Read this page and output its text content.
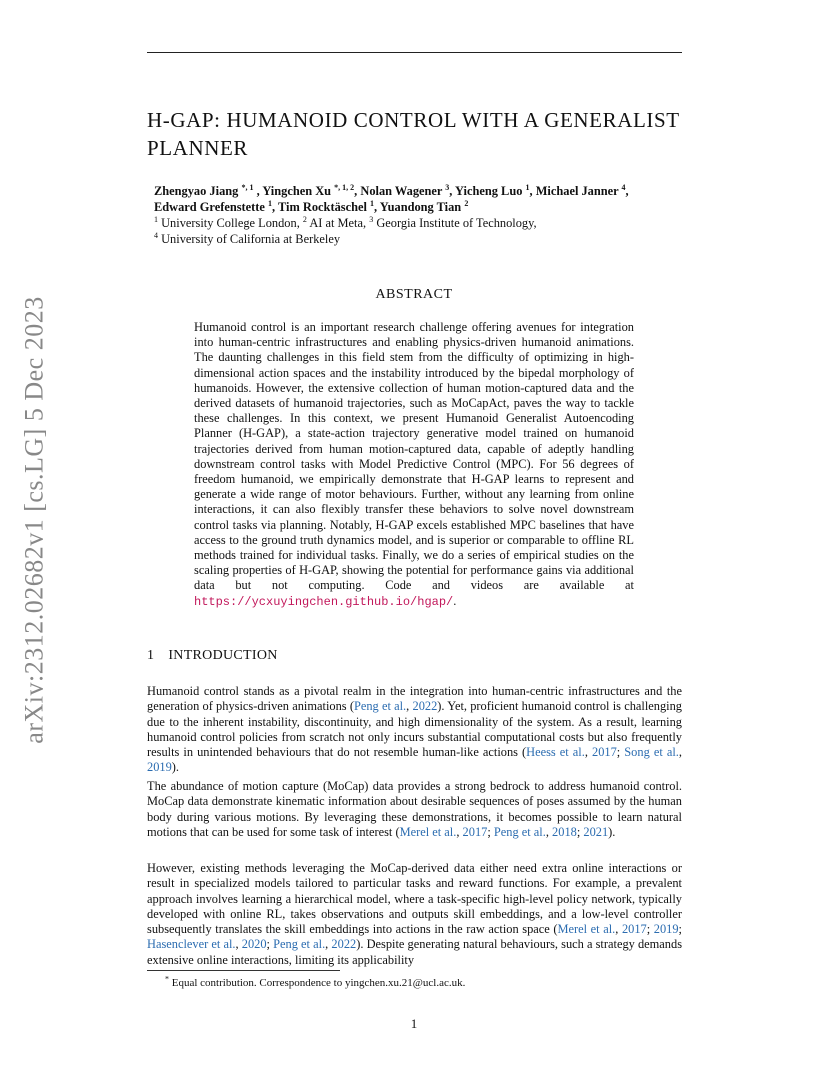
arXiv:2312.02682v1 [cs.LG] 5 Dec 2023
H-GAP: HUMANOID CONTROL WITH A GENERALIST
PLANNER
Zhengyao Jiang $^{*, 1}$ , Yingchen Xu $^{*, 1, 2}$, Nolan Wagener $^3$, Yicheng Luo $^1$, Michael Janner $^4$,
Edward Grefenstette $^1$, Tim Rocktäschel $^1$, Yuandong Tian $^2$
$^1$ University College London, $^2$ AI at Meta, $^3$ Georgia Institute of Technology,
$^4$ University of California at Berkeley
ABSTRACT

Humanoid control is an important research challenge offering avenues for integration into human-centric infrastructures and enabling physics-driven humanoid animations. The daunting challenges in this field stem from the difficulty of optimizing in high-dimensional action spaces and the instability introduced by the bipedal morphology of humanoids. However, the extensive collection of human motion-captured data and the derived datasets of humanoid trajectories, such as MoCapAct, paves the way to tackle these challenges. In this context, we present Humanoid Generalist Autoencoding Planner (H-GAP), a state-action trajectory generative model trained on humanoid trajectories derived from human motion-captured data, capable of adeptly handling downstream control tasks with Model Predictive Control (MPC). For 56 degrees of freedom humanoid, we empirically demonstrate that H-GAP learns to represent and generate a wide range of motor behaviours. Further, without any learning from online interactions, it can also flexibly transfer these behaviors to solve novel downstream control tasks via planning. Notably, H-GAP excels established MPC baselines that have access to the ground truth dynamics model, and is superior or comparable to offline RL methods trained for individual tasks. Finally, we do a series of empirical studies on the scaling properties of H-GAP, showing the potential for performance gains via additional data but not computing. Code and videos are available at https://ycxuyingchen.github.io/hgap/.

1 INTRODUCTION

Humanoid control stands as a pivotal realm in the integration into human-centric infrastructures and the generation of physics-driven animations (Peng et al., 2022). Yet, proficient humanoid control is challenging due to the inherent instability, discontinuity, and high dimensionality of the system. As a result, learning humanoid control policies from scratch not only incurs substantial computational costs but also frequently results in unintended behaviours that do not resemble human-like actions (Heess et al., 2017; Song et al., 2019).

The abundance of motion capture (MoCap) data provides a strong bedrock to address humanoid control. MoCap data demonstrate kinematic information about desirable sequences of poses assumed by the human body during various motions. By leveraging these demonstrations, it becomes possible to learn natural motions that can be used for some task of interest (Merel et al., 2017; Peng et al., 2018; 2021).

However, existing methods leveraging the MoCap-derived data either need extra online interactions or result in specialized models tailored to particular tasks and reward functions. For example, a prevalent approach involves learning a hierarchical model, where a task-specific high-level policy network, typically developed with online RL, takes observations and outputs skill embeddings, and a low-level controller subsequently translates the skill embeddings into actions in the raw action space (Merel et al., 2017; 2019; Hasenclever et al., 2020; Peng et al., 2022). Despite generating natural behaviours, such a strategy demands extensive online interactions, limiting its applicability

* Equal contribution. Correspondence to yingchen.xu.21@ucl.ac.uk.
1
